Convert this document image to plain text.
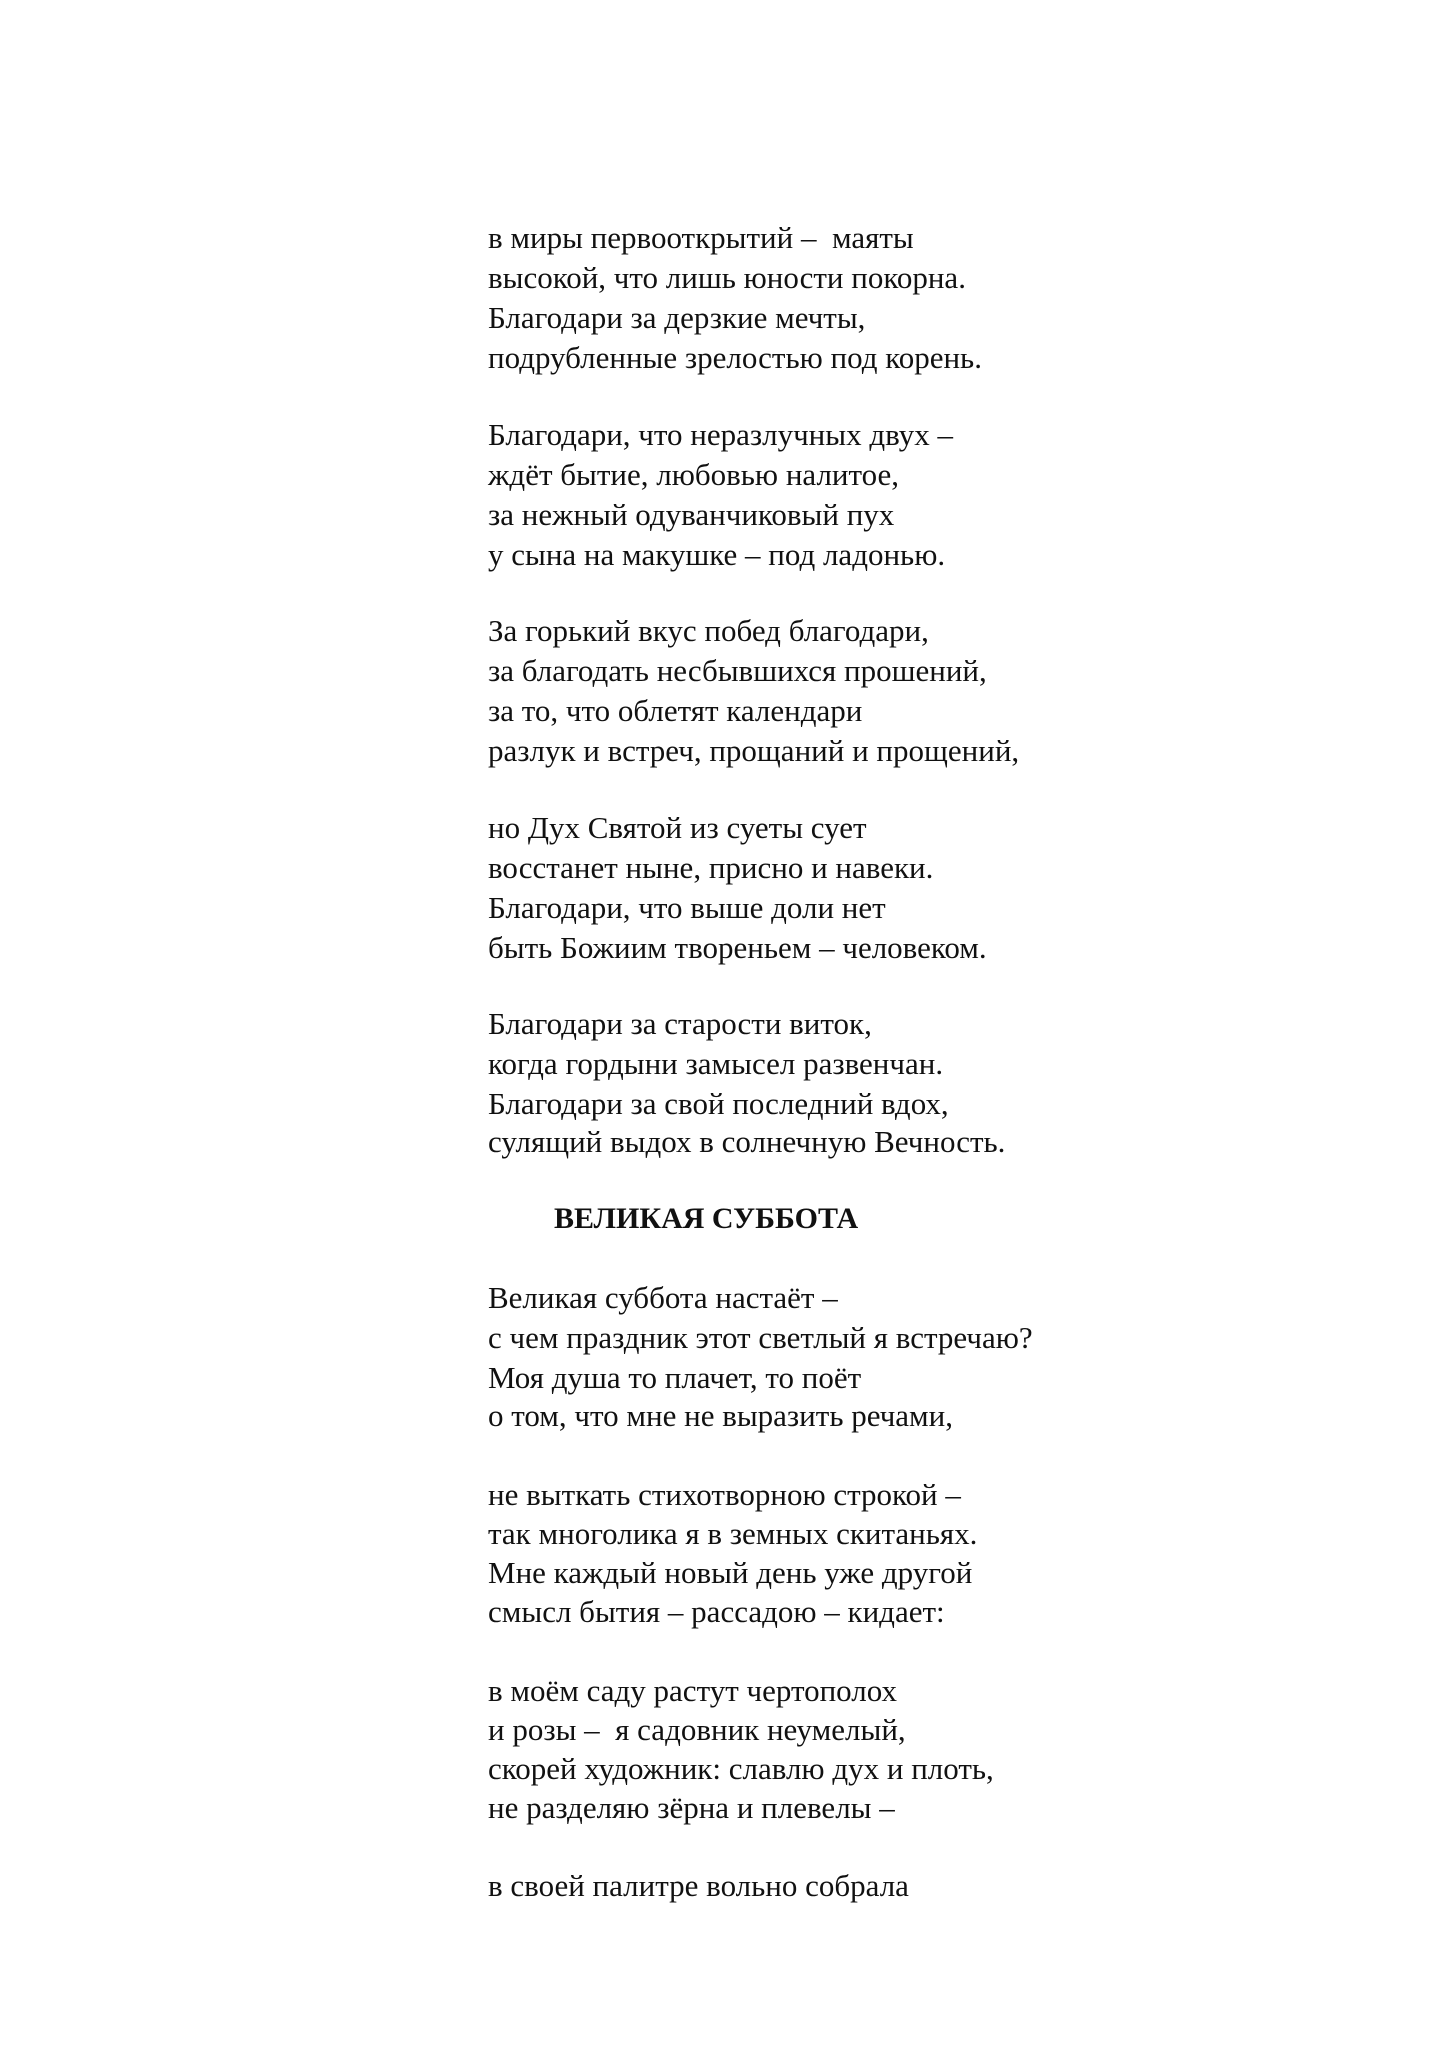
в миры первооткрытий –  маяты
высокой, что лишь юности покорна.
Благодари за дерзкие мечты,
подрубленные зрелостью под корень.
Благодари, что неразлучных двух –
ждёт бытие, любовью налитое,
за нежный одуванчиковый пух
у сына на макушке – под ладонью.
За горький вкус побед благодари,
за благодать несбывшихся прошений,
за то, что облетят календари
разлук и встреч, прощаний и прощений,
но Дух Святой из суеты сует
восстанет ныне, присно и навеки.
Благодари, что выше доли нет
быть Божиим твореньем – человеком.
Благодари за старости виток,
когда гордыни замысел развенчан.
Благодари за свой последний вдох,
сулящий выдох в солнечную Вечность.
ВЕЛИКАЯ СУББОТА
Великая суббота настаёт –
с чем праздник этот светлый я встречаю?
Моя душа то плачет, то поёт
о том, что мне не выразить речами,
не выткать стихотворною строкой –
так многолика я в земных скитаньях.
Мне каждый новый день уже другой
смысл бытия – рассадою – кидает:
в моём саду растут чертополох
и розы –  я садовник неумелый,
скорей художник: славлю дух и плоть,
не разделяю зёрна и плевелы –
в своей палитре вольно собрала
